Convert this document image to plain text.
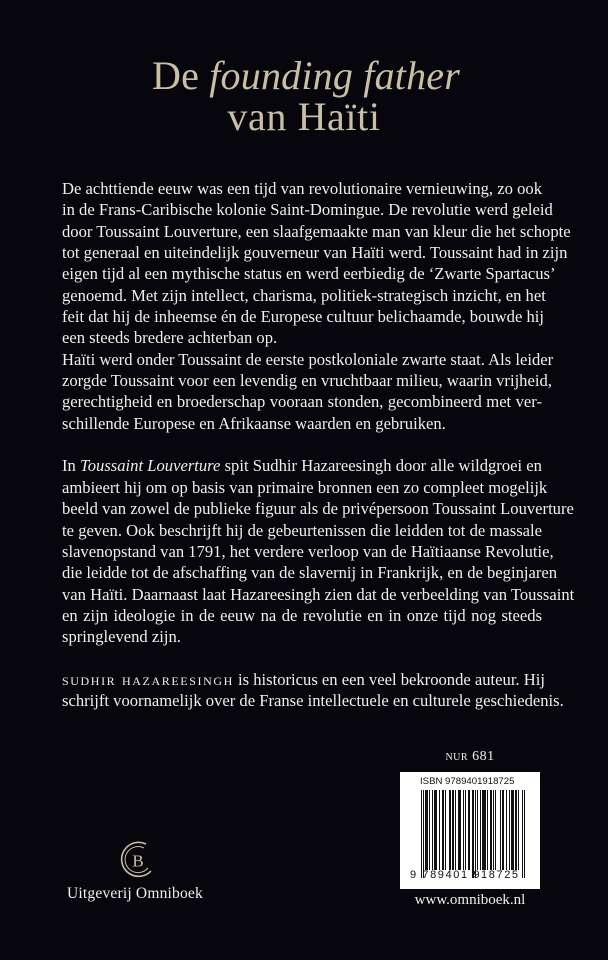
De founding father
van Haïti

De achttiende eeuw was een tijd van revolutionaire vernieuwing, zo ook
in de Frans-Caribische kolonie Saint-Domingue. De revolutie werd geleid
door Toussaint Louverture, een slaafgemaakte man van kleur die het schopte
tot generaal en uiteindelijk gouverneur van Haïti werd. Toussaint had in zijn
eigen tijd al een mythische status en werd eerbiedig de ‘Zwarte Spartacus’
genoemd. Met zijn intellect, charisma, politiek-strategisch inzicht, en het
feit dat hij de inheemse én de Europese cultuur belichaamde, bouwde hij
een steeds bredere achterban op.

Haïti werd onder Toussaint de eerste postkoloniale zwarte staat. Als leider
zorgde Toussaint voor een levendig en vruchtbaar milieu, waarin vrijheid,
gerechtigheid en broederschap vooraan stonden, gecombineerd met ver-
schillende Europese en Afrikaanse waarden en gebruiken.

In Toussaint Louverture spit Sudhir Hazareesingh door alle wildgroei en
ambieert hij om op basis van primaire bronnen een zo compleet mogelijk
beeld van zowel de publieke figuur als de privépersoon Toussaint Louverture
te geven. Ook beschrijft hij de gebeurtenissen die leidden tot de massale
slavenopstand van 1791, het verdere verloop van de Haïtiaanse Revolutie,
die leidde tot de afschaffing van de slavernij in Frankrijk, en de beginjaren
van Haïti. Daarnaast laat Hazareesingh zien dat de verbeelding van Toussaint
en zijn ideologie in de eeuw na de revolutie en in onze tijd nog steeds
springlevend zijn.

sudhir hazareesingh is historicus en een veel bekroonde auteur. Hij
schrijft voornamelijk over de Franse intellectuele en culturele geschiedenis.

nur 681
ISBN 9789401918725
9 789401 918725
www.omniboek.nl
B
Uitgeverij Omniboek
